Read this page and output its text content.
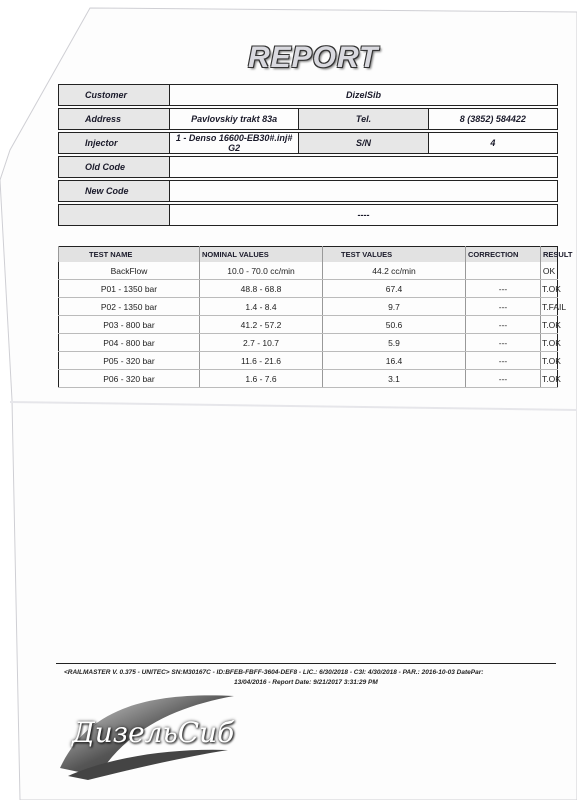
REPORT
Customer	DizelSib		

Address	Pavlovskiy trakt 83a	Tel.	8 (3852) 584422

Injector	1 - Denso 16600-EB30#.inj# G2	S/N	4

Old Code			

New Code			

	----		
TEST NAME	NOMINAL VALUES	TEST VALUES	CORRECTION	RESULT
BackFlow	10.0 - 70.0 cc/min	44.2 cc/min		OK
P01 - 1350 bar	48.8 - 68.8	67.4	---	T.OK
P02 - 1350 bar	1.4 - 8.4	9.7	---	T.FAIL
P03 - 800 bar	41.2 - 57.2	50.6	---	T.OK
P04 - 800 bar	2.7 - 10.7	5.9	---	T.OK
P05 - 320 bar	11.6 - 21.6	16.4	---	T.OK
P06 - 320 bar	1.6 - 7.6	3.1	---	T.OK
<RAILMASTER V. 0.375 - UNITEC> SN:M30167C - ID:BFEB-FBFF-3604-DEF8 - LIC.: 6/30/2018 - C3I: 4/30/2018 - PAR.: 2016-10-03 DatePar:
13/04/2016 - Report Date: 9/21/2017 3:31:29 PM
ДизельСиб
